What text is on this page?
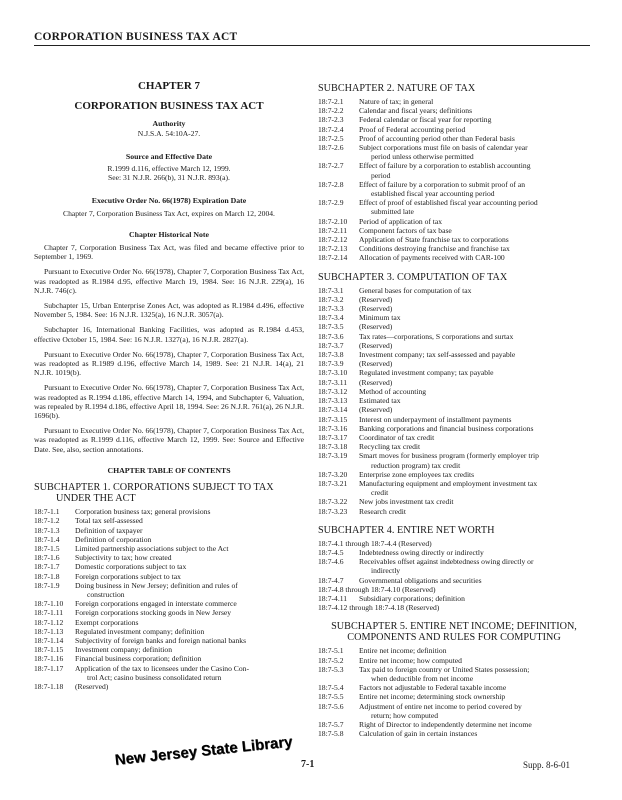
CORPORATION BUSINESS TAX ACT
CHAPTER 7
CORPORATION BUSINESS TAX ACT
Authority
N.J.S.A. 54:10A-27.
Source and Effective Date
R.1999 d.116, effective March 12, 1999.
See: 31 N.J.R. 266(b), 31 N.J.R. 893(a).
Executive Order No. 66(1978) Expiration Date
Chapter 7, Corporation Business Tax Act, expires on March 12, 2004.
Chapter Historical Note

Chapter 7, Corporation Business Tax Act, was filed and became effective prior to September 1, 1969.

Pursuant to Executive Order No. 66(1978), Chapter 7, Corporation Business Tax Act, was readopted as R.1984 d.95, effective March 19, 1984. See: 16 N.J.R. 229(a), 16 N.J.R. 746(c).

Subchapter 15, Urban Enterprise Zones Act, was adopted as R.1984 d.496, effective November 5, 1984. See: 16 N.J.R. 1325(a), 16 N.J.R. 3057(a).

Subchapter 16, International Banking Facilities, was adopted as R.1984 d.453, effective October 15, 1984. See: 16 N.J.R. 1327(a), 16 N.J.R. 2827(a).

Pursuant to Executive Order No. 66(1978), Chapter 7, Corporation Business Tax Act, was readopted as R.1989 d.196, effective March 14, 1989. See: 21 N.J.R. 14(a), 21 N.J.R. 1019(b).

Pursuant to Executive Order No. 66(1978), Chapter 7, Corporation Business Tax Act, was readopted as R.1994 d.186, effective March 14, 1994, and Subchapter 6, Valuation, was repealed by R.1994 d.186, effective April 18, 1994. See: 26 N.J.R. 761(a), 26 N.J.R. 1696(b).

Pursuant to Executive Order No. 66(1978), Chapter 7, Corporation Business Tax Act, was readopted as R.1999 d.116, effective March 12, 1999. See: Source and Effective Date. See, also, section annotations.

CHAPTER TABLE OF CONTENTS
SUBCHAPTER 1. CORPORATIONS SUBJECT TO TAX
UNDER THE ACT
18:7-1.1	Corporation business tax; general provisions
18:7-1.2	Total tax self-assessed
18:7-1.3	Definition of taxpayer
18:7-1.4	Definition of corporation
18:7-1.5	Limited partnership associations subject to the Act
18:7-1.6	Subjectivity to tax; how created
18:7-1.7	Domestic corporations subject to tax
18:7-1.8	Foreign corporations subject to tax
18:7-1.9	Doing business in New Jersey; definition and rules of
construction
18:7-1.10	Foreign corporations engaged in interstate commerce
18:7-1.11	Foreign corporations stocking goods in New Jersey
18:7-1.12	Exempt corporations
18:7-1.13	Regulated investment company; definition
18:7-1.14	Subjectivity of foreign banks and foreign national banks
18:7-1.15	Investment company; definition
18:7-1.16	Financial business corporation; definition
18:7-1.17	Application of the tax to licensees under the Casino Con-
trol Act; casino business consolidated return
18:7-1.18	(Reserved)
SUBCHAPTER 2. NATURE OF TAX
18:7-2.1	Nature of tax; in general
18:7-2.2	Calendar and fiscal years; definitions
18:7-2.3	Federal calendar or fiscal year for reporting
18:7-2.4	Proof of Federal accounting period
18:7-2.5	Proof of accounting period other than Federal basis
18:7-2.6	Subject corporations must file on basis of calendar year
period unless otherwise permitted
18:7-2.7	Effect of failure by a corporation to establish accounting
period
18:7-2.8	Effect of failure by a corporation to submit proof of an
established fiscal year accounting period
18:7-2.9	Effect of proof of established fiscal year accounting period
submitted late
18:7-2.10	Period of application of tax
18:7-2.11	Component factors of tax base
18:7-2.12	Application of State franchise tax to corporations
18:7-2.13	Conditions destroying franchise and franchise tax
18:7-2.14	Allocation of payments received with CAR-100
SUBCHAPTER 3. COMPUTATION OF TAX
18:7-3.1	General bases for computation of tax
18:7-3.2	(Reserved)
18:7-3.3	(Reserved)
18:7-3.4	Minimum tax
18:7-3.5	(Reserved)
18:7-3.6	Tax rates—corporations, S corporations and surtax
18:7-3.7	(Reserved)
18:7-3.8	Investment company; tax self-assessed and payable
18:7-3.9	(Reserved)
18:7-3.10	Regulated investment company; tax payable
18:7-3.11	(Reserved)
18:7-3.12	Method of accounting
18:7-3.13	Estimated tax
18:7-3.14	(Reserved)
18:7-3.15	Interest on underpayment of installment payments
18:7-3.16	Banking corporations and financial business corporations
18:7-3.17	Coordinator of tax credit
18:7-3.18	Recycling tax credit
18:7-3.19	Smart moves for business program (formerly employer trip
reduction program) tax credit
18:7-3.20	Enterprise zone employees tax credits
18:7-3.21	Manufacturing equipment and employment investment tax
credit
18:7-3.22	New jobs investment tax credit
18:7-3.23	Research credit
SUBCHAPTER 4. ENTIRE NET WORTH
18:7-4.1 through 18:7-4.4 (Reserved)
18:7-4.5	Indebtedness owing directly or indirectly
18:7-4.6	Receivables offset against indebtedness owing directly or
indirectly
18:7-4.7	Governmental obligations and securities
18:7-4.8 through 18:7-4.10 (Reserved)
18:7-4.11	Subsidiary corporations; definition
18:7-4.12 through 18:7-4.18 (Reserved)
SUBCHAPTER 5. ENTIRE NET INCOME; DEFINITION,
COMPONENTS AND RULES FOR COMPUTING
18:7-5.1	Entire net income; definition
18:7-5.2	Entire net income; how computed
18:7-5.3	Tax paid to foreign country or United States possession;
when deductible from net income
18:7-5.4	Factors not adjustable to Federal taxable income
18:7-5.5	Entire net income; determining stock ownership
18:7-5.6	Adjustment of entire net income to period covered by
return; how computed
18:7-5.7	Right of Director to independently determine net income
18:7-5.8	Calculation of gain in certain instances
New Jersey State Library 7-1	Supp. 8-6-01
